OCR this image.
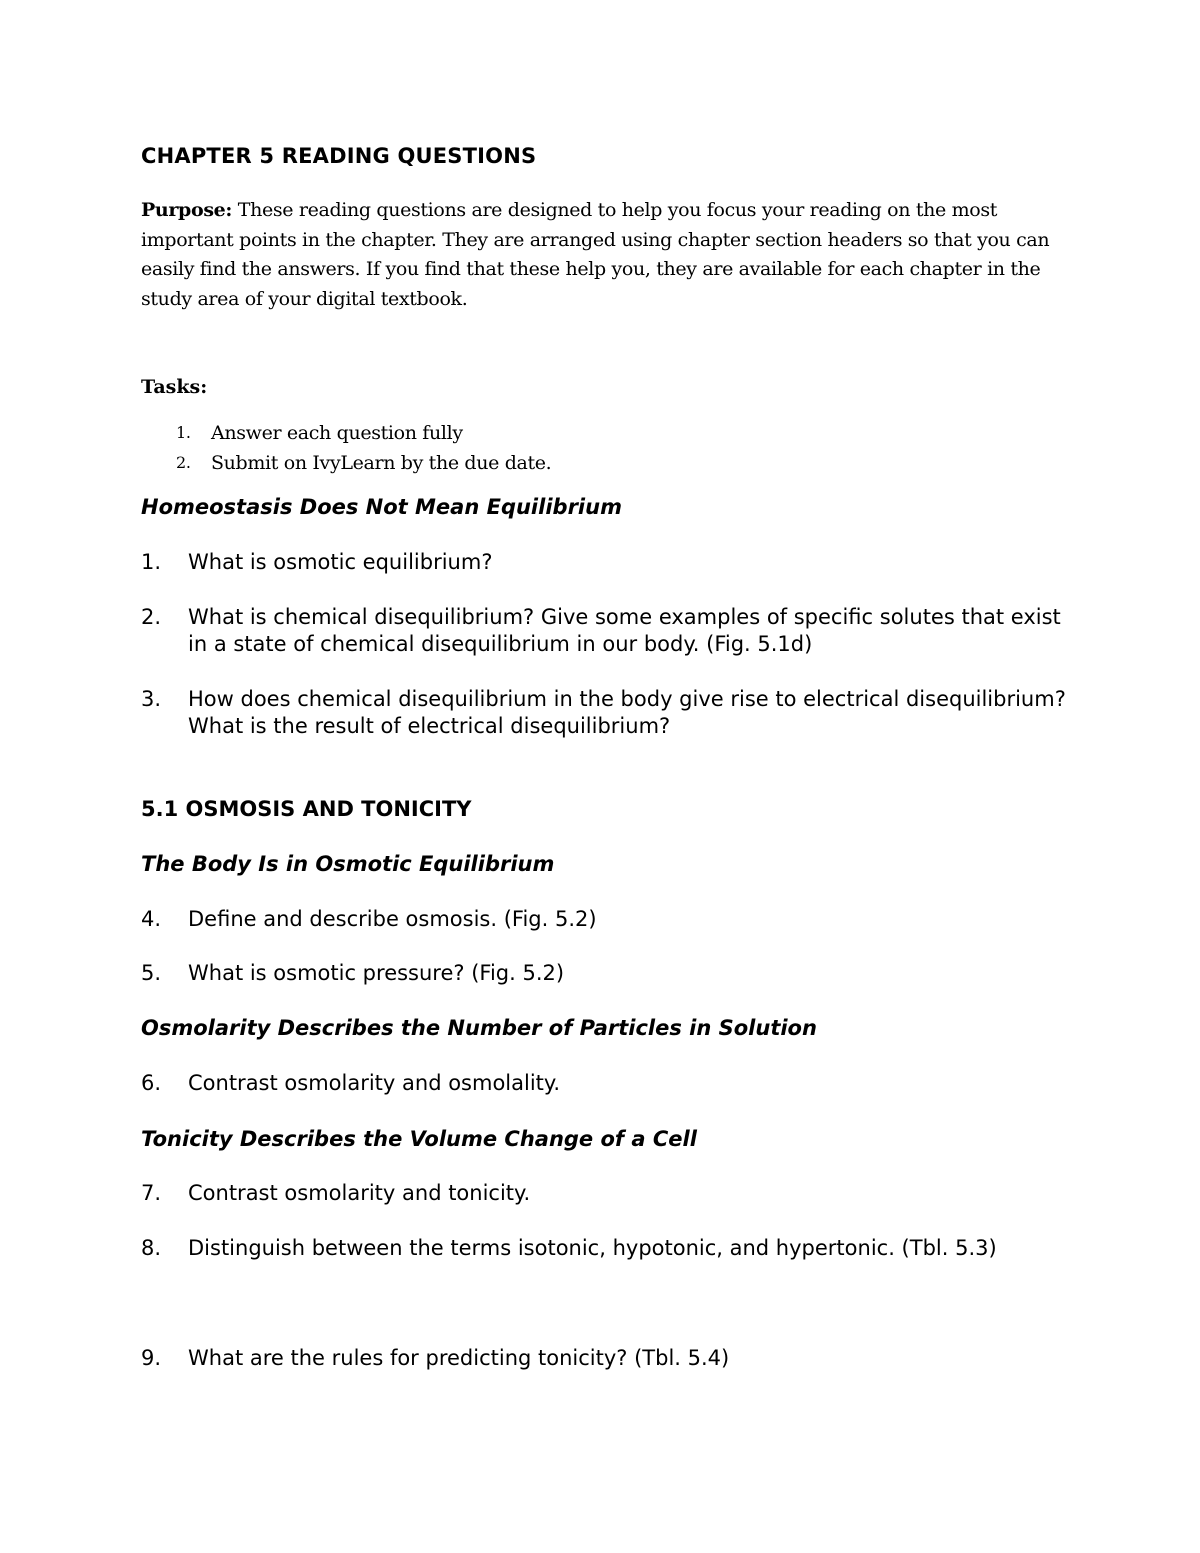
CHAPTER 5 READING QUESTIONS

Purpose: These reading questions are designed to help you focus your reading on the most important points in the chapter. They are arranged using chapter section headers so that you can easily find the answers. If you find that these help you, they are available for each chapter in the study area of your digital textbook.

Tasks:

1. Answer each question fully
2. Submit on IvyLearn by the due date.
Homeostasis Does Not Mean Equilibrium

1. What is osmotic equilibrium?

2. What is chemical disequilibrium? Give some examples of specific solutes that exist in a state of chemical disequilibrium in our body. (Fig. 5.1d)

3. How does chemical disequilibrium in the body give rise to electrical disequilibrium? What is the result of electrical disequilibrium?

5.1 OSMOSIS AND TONICITY
The Body Is in Osmotic Equilibrium

4. Define and describe osmosis. (Fig. 5.2)

5. What is osmotic pressure? (Fig. 5.2)

Osmolarity Describes the Number of Particles in Solution

6. Contrast osmolarity and osmolality.

Tonicity Describes the Volume Change of a Cell

7. Contrast osmolarity and tonicity.

8. Distinguish between the terms isotonic, hypotonic, and hypertonic. (Tbl. 5.3)

9. What are the rules for predicting tonicity? (Tbl. 5.4)
